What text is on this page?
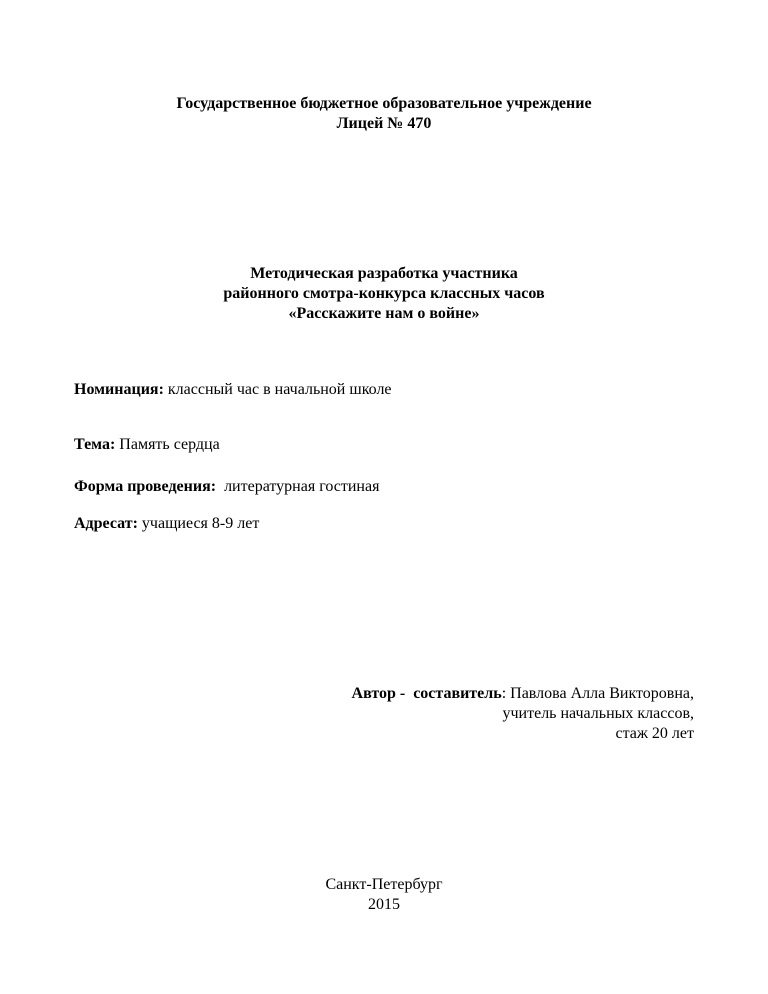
Государственное бюджетное образовательное учреждение
Лицей № 470
Методическая разработка участника
районного смотра-конкурса классных часов
«Расскажите нам о войне»
Номинация: классный час в начальной школе
Тема: Память сердца
Форма проведения:  литературная гостиная
Адресат: учащиеся 8-9 лет
Автор -  составитель: Павлова Алла Викторовна,
учитель начальных классов,
стаж 20 лет
Санкт-Петербург
2015
